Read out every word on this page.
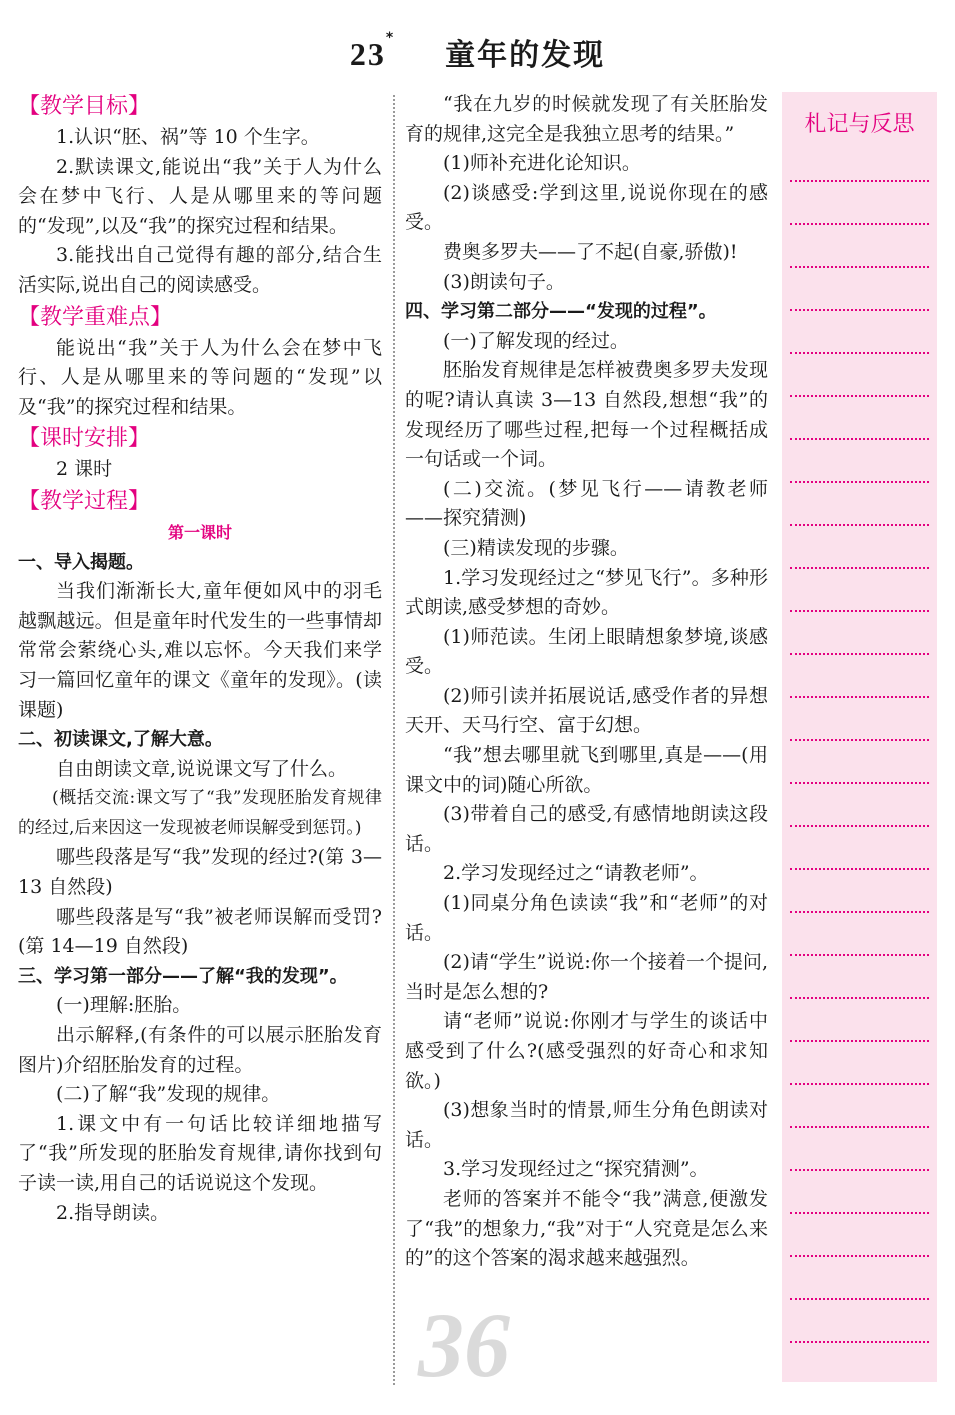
23* 童年的发现

【教学目标】

1.认识“胚、祸”等 10 个生字。

2.默读课文,能说出“我”关于人为什么会在梦中飞行、人是从哪里来的等问题的“发现”,以及“我”的探究过程和结果。

3.能找出自己觉得有趣的部分,结合生活实际,说出自己的阅读感受。

【教学重难点】

能说出“我”关于人为什么会在梦中飞行、人是从哪里来的等问题的“发现”以及“我”的探究过程和结果。

【课时安排】

2 课时

【教学过程】

第一课时

一、导入揭题。

当我们渐渐长大,童年便如风中的羽毛越飘越远。但是童年时代发生的一些事情却常常会萦绕心头,难以忘怀。今天我们来学习一篇回忆童年的课文《童年的发现》。(读课题)

二、初读课文,了解大意。

自由朗读文章,说说课文写了什么。

(概括交流:课文写了“我”发现胚胎发育规律的经过,后来因这一发现被老师误解受到惩罚。)

哪些段落是写“我”发现的经过?(第 3—13 自然段)

哪些段落是写“我”被老师误解而受罚?(第 14—19 自然段)

三、学习第一部分——了解“我的发现”。

(一)理解:胚胎。

出示解释,(有条件的可以展示胚胎发育图片)介绍胚胎发育的过程。

(二)了解“我”发现的规律。

1.课文中有一句话比较详细地描写了“我”所发现的胚胎发育规律,请你找到句子读一读,用自己的话说说这个发现。

2.指导朗读。

“我在九岁的时候就发现了有关胚胎发育的规律,这完全是我独立思考的结果。”

(1)师补充进化论知识。

(2)谈感受:学到这里,说说你现在的感受。

费奥多罗夫——了不起(自豪,骄傲)!

(3)朗读句子。

四、学习第二部分——“发现的过程”。

(一)了解发现的经过。

胚胎发育规律是怎样被费奥多罗夫发现的呢?请认真读 3—13 自然段,想想“我”的发现经历了哪些过程,把每一个过程概括成一句话或一个词。

(二)交流。(梦见飞行——请教老师——探究猜测)

(三)精读发现的步骤。

1.学习发现经过之“梦见飞行”。多种形式朗读,感受梦想的奇妙。

(1)师范读。生闭上眼睛想象梦境,谈感受。

(2)师引读并拓展说话,感受作者的异想天开、天马行空、富于幻想。

“我”想去哪里就飞到哪里,真是——(用课文中的词)随心所欲。

(3)带着自己的感受,有感情地朗读这段话。

2.学习发现经过之“请教老师”。

(1)同桌分角色读读“我”和“老师”的对话。

(2)请“学生”说说:你一个接着一个提问,当时是怎么想的?

请“老师”说说:你刚才与学生的谈话中感受到了什么?(感受强烈的好奇心和求知欲。)

(3)想象当时的情景,师生分角色朗读对话。

3.学习发现经过之“探究猜测”。

老师的答案并不能令“我”满意,便激发了“我”的想象力,“我”对于“人究竟是怎么来的”的这个答案的渴求越来越强烈。

札记与反思
36
